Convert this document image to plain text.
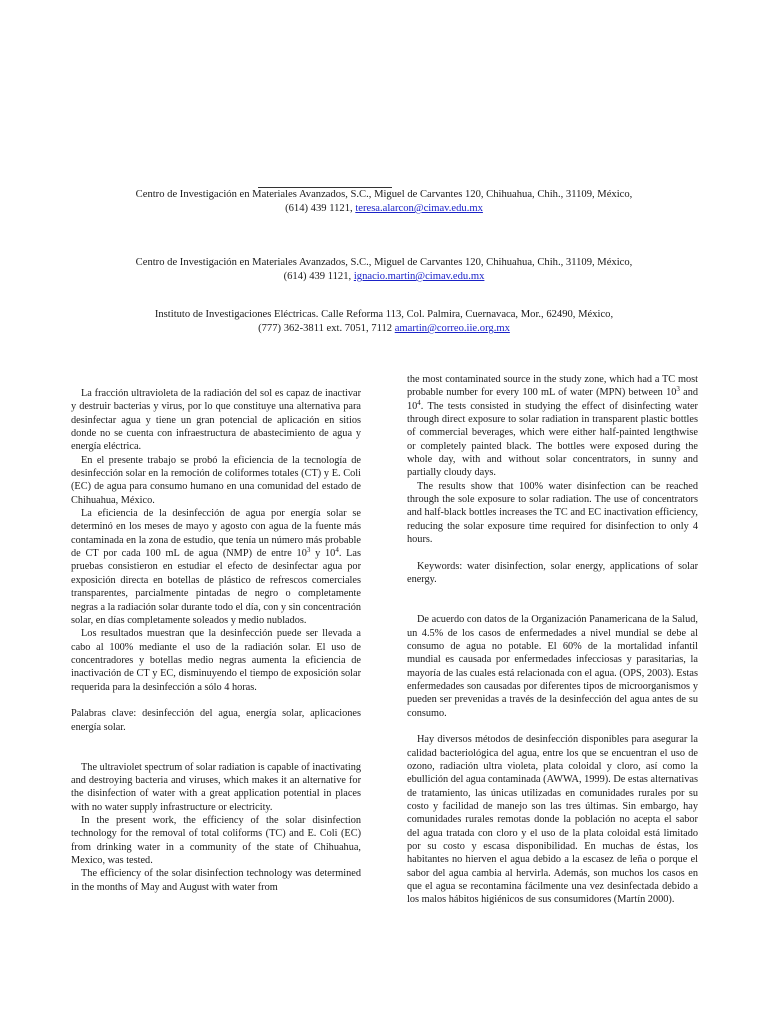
Centro de Investigación en Materiales Avanzados, S.C., Miguel de Carvantes 120, Chihuahua, Chih., 31109, México,
(614) 439 1121, teresa.alarcon@cimav.edu.mx
Centro de Investigación en Materiales Avanzados, S.C., Miguel de Carvantes 120, Chihuahua, Chih., 31109, México,
(614) 439 1121, ignacio.martin@cimav.edu.mx
Instituto de Investigaciones Eléctricas. Calle Reforma 113, Col. Palmira, Cuernavaca, Mor., 62490, México,
(777) 362-3811 ext. 7051, 7112 amartin@correo.iie.org.mx

La fracción ultravioleta de la radiación del sol es capaz de inactivar y destruir bacterias y virus, por lo que constituye una alternativa para desinfectar agua y tiene un gran potencial de aplicación en sitios donde no se cuenta con infraestructura de abastecimiento de agua y energía eléctrica.

En el presente trabajo se probó la eficiencia de la tecnología de desinfección solar en la remoción de coliformes totales (CT) y E. Coli (EC) de agua para consumo humano en una comunidad del estado de Chihuahua, México.

La eficiencia de la desinfección de agua por energía solar se determinó en los meses de mayo y agosto con agua de la fuente más contaminada en la zona de estudio, que tenía un número más probable de CT por cada 100 mL de agua (NMP) de entre $10^3$ y $10^4$. Las pruebas consistieron en estudiar el efecto de desinfectar agua por exposición directa en botellas de plástico de refrescos comerciales transparentes, parcialmente pintadas de negro o completamente negras a la radiación solar durante todo el día, con y sin concentración solar, en días completamente soleados y medio nublados.

Los resultados muestran que la desinfección puede ser llevada a cabo al 100% mediante el uso de la radiación solar. El uso de concentradores y botellas medio negras aumenta la eficiencia de inactivación de CT y EC, disminuyendo el tiempo de exposición solar requerida para la desinfección a sólo 4 horas.

Palabras clave: desinfección del agua, energía solar, aplicaciones energía solar.

The ultraviolet spectrum of solar radiation is capable of inactivating and destroying bacteria and viruses, which makes it an alternative for the disinfection of water with a great application potential in places with no water supply infrastructure or electricity.

In the present work, the efficiency of the solar disinfection technology for the removal of total coliforms (TC) and E. Coli (EC) from drinking water in a community of the state of Chihuahua, Mexico, was tested.

The efficiency of the solar disinfection technology was determined in the months of May and August with water from

the most contaminated source in the study zone, which had a TC most probable number for every 100 mL of water (MPN) between $10^3$ and $10^4$. The tests consisted in studying the effect of disinfecting water through direct exposure to solar radiation in transparent plastic bottles of commercial beverages, which were either half-painted lengthwise or completely painted black. The bottles were exposed during the whole day, with and without solar concentrators, in sunny and partially cloudy days.

The results show that 100% water disinfection can be reached through the sole exposure to solar radiation. The use of concentrators and half-black bottles increases the TC and EC inactivation efficiency, reducing the solar exposure time required for disinfection to only 4 hours.

Keywords: water disinfection, solar energy, applications of solar energy.

De acuerdo con datos de la Organización Panamericana de la Salud, un 4.5% de los casos de enfermedades a nivel mundial se debe al consumo de agua no potable. El 60% de la mortalidad infantil mundial es causada por enfermedades infecciosas y parasitarias, la mayoría de las cuales está relacionada con el agua. (OPS, 2003). Estas enfermedades son causadas por diferentes tipos de microorganismos y pueden ser prevenidas a través de la desinfección del agua antes de su consumo.

Hay diversos métodos de desinfección disponibles para asegurar la calidad bacteriológica del agua, entre los que se encuentran el uso de ozono, radiación ultra violeta, plata coloidal y cloro, así como la ebullición del agua contaminada (AWWA, 1999). De estas alternativas de tratamiento, las únicas utilizadas en comunidades rurales por su costo y facilidad de manejo son las tres últimas. Sin embargo, hay comunidades rurales remotas donde la población no acepta el sabor del agua tratada con cloro y el uso de la plata coloidal está limitado por su costo y escasa disponibilidad. En muchas de éstas, los habitantes no hierven el agua debido a la escasez de leña o porque el sabor del agua cambia al hervirla. Además, son muchos los casos en que el agua se recontamina fácilmente una vez desinfectada debido a los malos hábitos higiénicos de sus consumidores (Martín 2000).
